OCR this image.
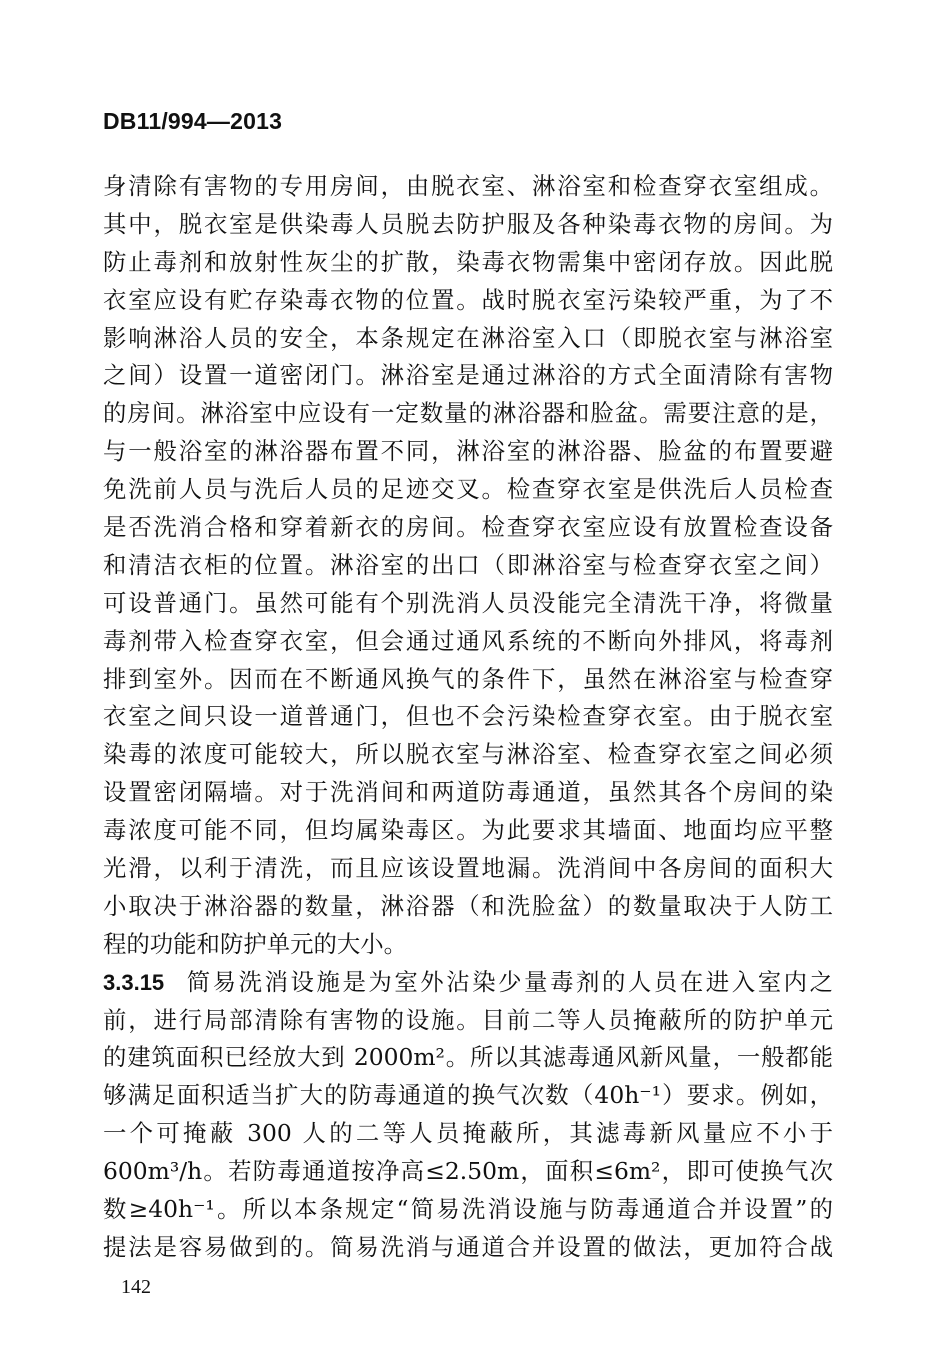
DB11/994—2013
身清除有害物的专用房间，由脱衣室、淋浴室和检查穿衣室组成。
其中，脱衣室是供染毒人员脱去防护服及各种染毒衣物的房间。为
防止毒剂和放射性灰尘的扩散，染毒衣物需集中密闭存放。因此脱
衣室应设有贮存染毒衣物的位置。战时脱衣室污染较严重，为了不
影响淋浴人员的安全，本条规定在淋浴室入口（即脱衣室与淋浴室
之间）设置一道密闭门。淋浴室是通过淋浴的方式全面清除有害物
的房间。淋浴室中应设有一定数量的淋浴器和脸盆。需要注意的是，
与一般浴室的淋浴器布置不同，淋浴室的淋浴器、脸盆的布置要避
免洗前人员与洗后人员的足迹交叉。检查穿衣室是供洗后人员检查
是否洗消合格和穿着新衣的房间。检查穿衣室应设有放置检查设备
和清洁衣柜的位置。淋浴室的出口（即淋浴室与检查穿衣室之间）
可设普通门。虽然可能有个别洗消人员没能完全清洗干净，将微量
毒剂带入检查穿衣室，但会通过通风系统的不断向外排风，将毒剂
排到室外。因而在不断通风换气的条件下，虽然在淋浴室与检查穿
衣室之间只设一道普通门，但也不会污染检查穿衣室。由于脱衣室
染毒的浓度可能较大，所以脱衣室与淋浴室、检查穿衣室之间必须
设置密闭隔墙。对于洗消间和两道防毒通道，虽然其各个房间的染
毒浓度可能不同，但均属染毒区。为此要求其墙面、地面均应平整
光滑，以利于清洗，而且应该设置地漏。洗消间中各房间的面积大
小取决于淋浴器的数量，淋浴器（和洗脸盆）的数量取决于人防工
程的功能和防护单元的大小。
3.3.15 简易洗消设施是为室外沾染少量毒剂的人员在进入室内之
前，进行局部清除有害物的设施。目前二等人员掩蔽所的防护单元
的建筑面积已经放大到 2000m²。所以其滤毒通风新风量，一般都能
够满足面积适当扩大的防毒通道的换气次数（40h⁻¹）要求。例如，
一个可掩蔽 300 人的二等人员掩蔽所，其滤毒新风量应不小于
600m³/h。若防毒通道按净高≤2.50m，面积≤6m²，即可使换气次
数≥40h⁻¹。所以本条规定“简易洗消设施与防毒通道合并设置”的
提法是容易做到的。简易洗消与通道合并设置的做法，更加符合战
142
